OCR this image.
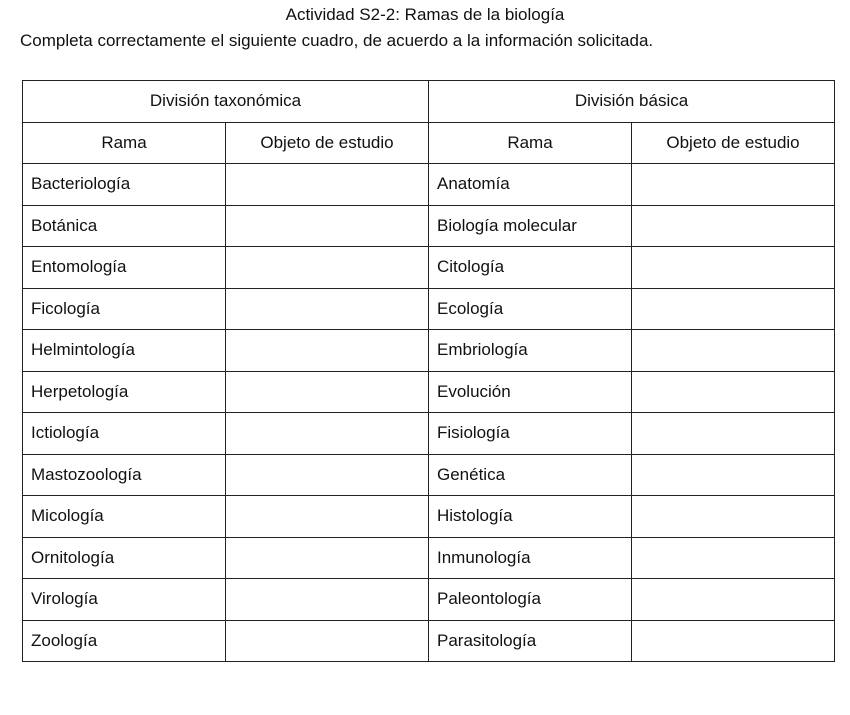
Actividad S2-2: Ramas de la biología
Completa correctamente el siguiente cuadro, de acuerdo a la información solicitada.
División taxonómica		División básica	
Rama	Objeto de estudio	Rama	Objeto de estudio
Bacteriología		Anatomía	
Botánica		Biología molecular	
Entomología		Citología	
Ficología		Ecología	
Helmintología		Embriología	
Herpetología		Evolución	
Ictiología		Fisiología	
Mastozoología		Genética	
Micología		Histología	
Ornitología		Inmunología	
Virología		Paleontología	
Zoología		Parasitología	
